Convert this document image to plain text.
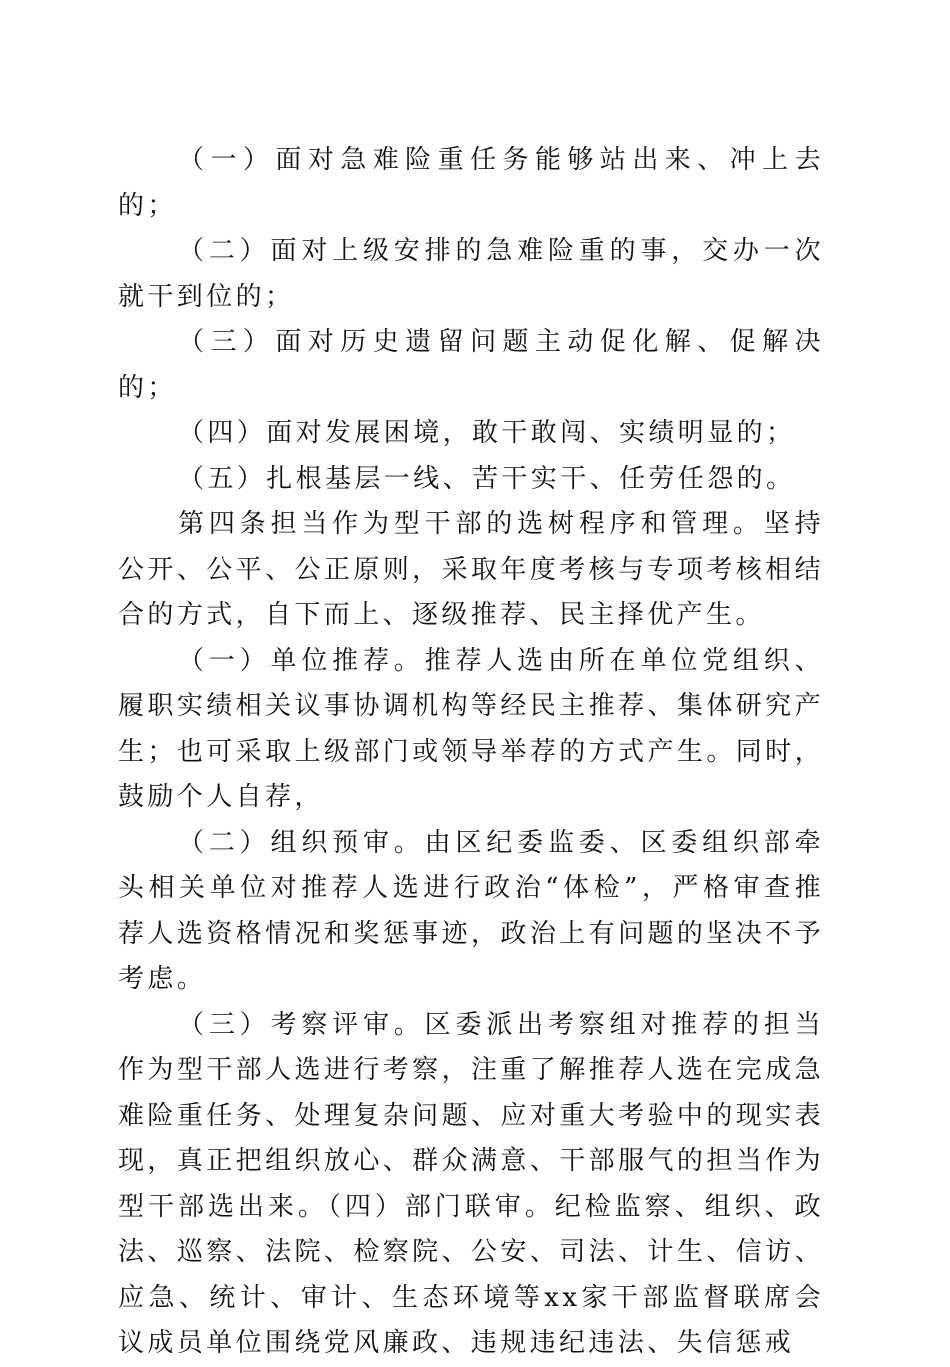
（一）面对急难险重任务能够站出来、冲上去的；

（二）面对上级安排的急难险重的事，交办一次就干到位的；

（三）面对历史遗留问题主动促化解、促解决的；

（四）面对发展困境，敢干敢闯、实绩明显的；

（五）扎根基层一线、苦干实干、任劳任怨的。

第四条担当作为型干部的选树程序和管理。坚持公开、公平、公正原则，采取年度考核与专项考核相结合的方式，自下而上、逐级推荐、民主择优产生。

（一）单位推荐。推荐人选由所在单位党组织、履职实绩相关议事协调机构等经民主推荐、集体研究产生；也可采取上级部门或领导举荐的方式产生。同时，鼓励个人自荐，

（二）组织预审。由区纪委监委、区委组织部牵头相关单位对推荐人选进行政治“体检”，严格审查推荐人选资格情况和奖惩事迹，政治上有问题的坚决不予考虑。

（三）考察评审。区委派出考察组对推荐的担当作为型干部人选进行考察，注重了解推荐人选在完成急难险重任务、处理复杂问题、应对重大考验中的现实表现，真正把组织放心、群众满意、干部服气的担当作为型干部选出来。（四）部门联审。纪检监察、组织、政法、巡察、法院、检察院、公安、司法、计生、信访、应急、统计、审计、生态环境等xx家干部监督联席会议成员单位围绕党风廉政、违规违纪违法、失信惩戒
